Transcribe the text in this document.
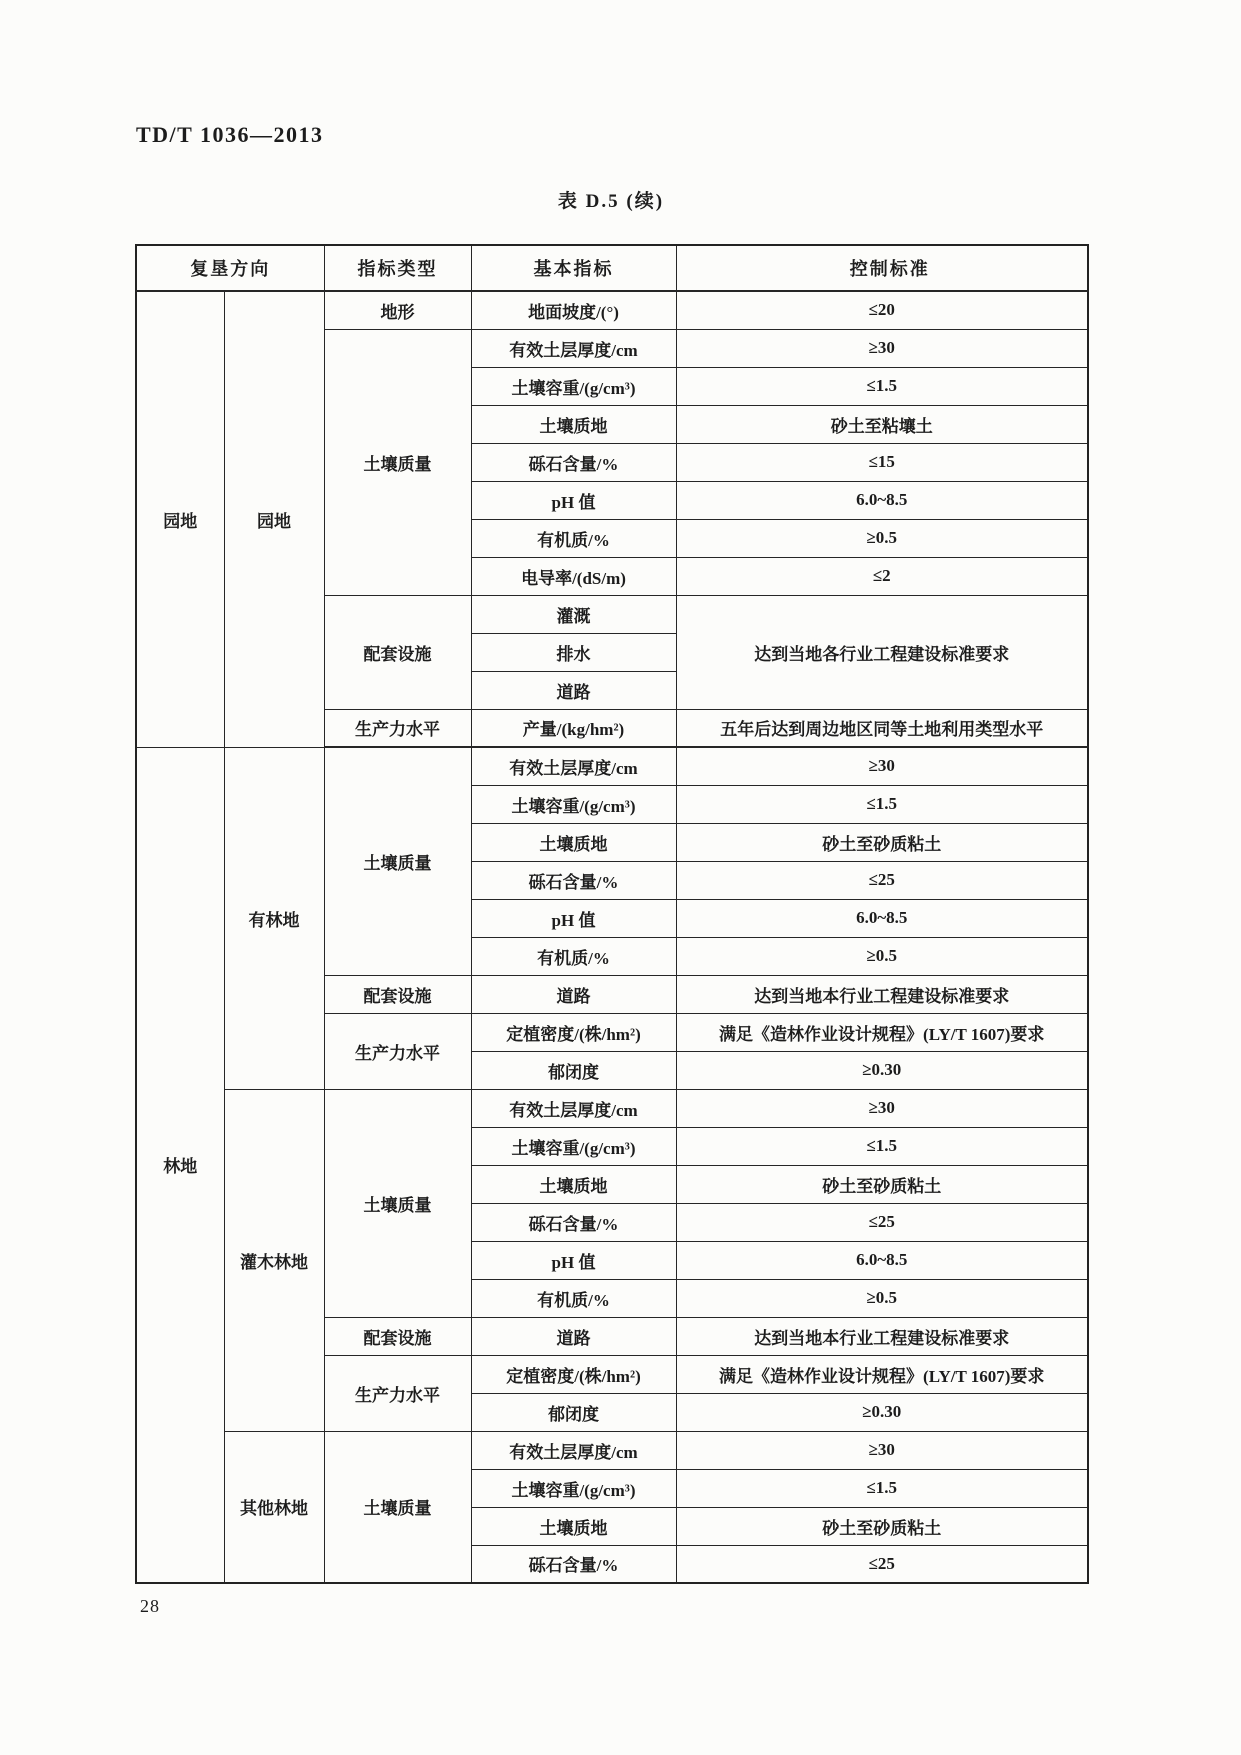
TD/T 1036—2013
表 D.5 (续)
复垦方向		指标类型	基本指标	控制标准
园地	园地	地形	地面坡度/(°)	≤20
		土壤质量	有效土层厚度/cm	≥30
			土壤容重/(g/cm³)	≤1.5
			土壤质地	砂土至粘壤土
			砾石含量/%	≤15
			pH 值	6.0~8.5
			有机质/%	≥0.5
			电导率/(dS/m)	≤2
		配套设施	灌溉	达到当地各行业工程建设标准要求
			排水	
			道路	
		生产力水平	产量/(kg/hm²)	五年后达到周边地区同等土地利用类型水平
林地	有林地	土壤质量	有效土层厚度/cm	≥30
			土壤容重/(g/cm³)	≤1.5
			土壤质地	砂土至砂质粘土
			砾石含量/%	≤25
			pH 值	6.0~8.5
			有机质/%	≥0.5
		配套设施	道路	达到当地本行业工程建设标准要求
		生产力水平	定植密度/(株/hm²)	满足《造林作业设计规程》(LY/T 1607)要求
			郁闭度	≥0.30
	灌木林地	土壤质量	有效土层厚度/cm	≥30
			土壤容重/(g/cm³)	≤1.5
			土壤质地	砂土至砂质粘土
			砾石含量/%	≤25
			pH 值	6.0~8.5
			有机质/%	≥0.5
		配套设施	道路	达到当地本行业工程建设标准要求
		生产力水平	定植密度/(株/hm²)	满足《造林作业设计规程》(LY/T 1607)要求
			郁闭度	≥0.30
	其他林地	土壤质量	有效土层厚度/cm	≥30
			土壤容重/(g/cm³)	≤1.5
			土壤质地	砂土至砂质粘土
			砾石含量/%	≤25
28
